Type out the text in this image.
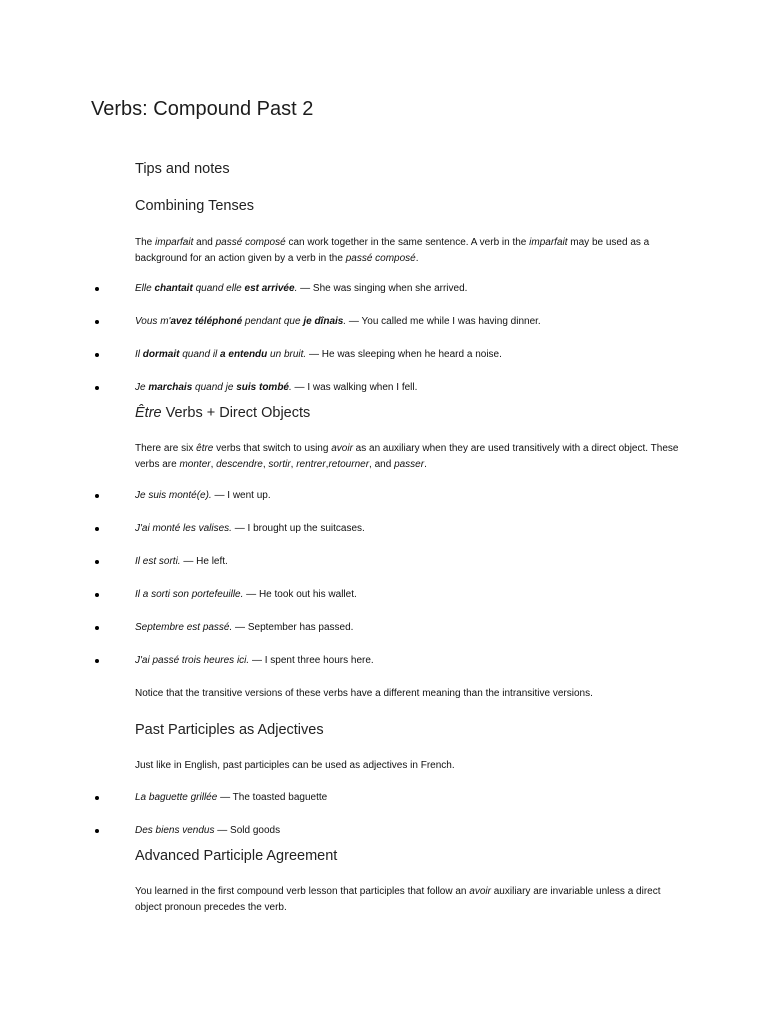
Verbs: Compound Past 2
Tips and notes
Combining Tenses

The imparfait and passé composé can work together in the same sentence. A verb in the imparfait may be used as a background for an action given by a verb in the passé composé.

Elle chantait quand elle est arrivée. — She was singing when she arrived.
Vous m'avez téléphoné pendant que je dînais. — You called me while I was having dinner.
Il dormait quand il a entendu un bruit. — He was sleeping when he heard a noise.
Je marchais quand je suis tombé. — I was walking when I fell.
Être Verbs + Direct Objects

There are six être verbs that switch to using avoir as an auxiliary when they are used transitively with a direct object. These verbs are monter, descendre, sortir, rentrer,retourner, and passer.

Je suis monté(e). — I went up.
J'ai monté les valises. — I brought up the suitcases.
Il est sorti. — He left.
Il a sorti son portefeuille. — He took out his wallet.
Septembre est passé. — September has passed.
J'ai passé trois heures ici. — I spent three hours here.

Notice that the transitive versions of these verbs have a different meaning than the intransitive versions.

Past Participles as Adjectives

Just like in English, past participles can be used as adjectives in French.

La baguette grillée — The toasted baguette
Des biens vendus — Sold goods
Advanced Participle Agreement

You learned in the first compound verb lesson that participles that follow an avoir auxiliary are invariable unless a direct object pronoun precedes the verb.
